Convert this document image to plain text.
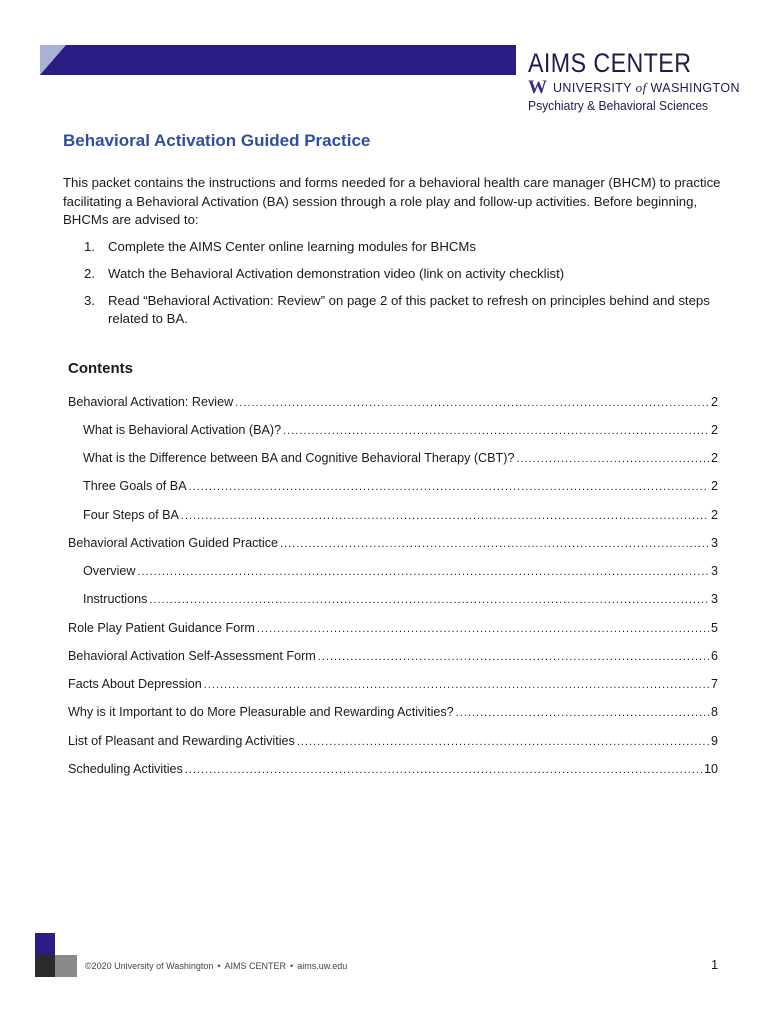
AIMS CENTER
W UNIVERSITY of WASHINGTON
Psychiatry & Behavioral Sciences
Behavioral Activation Guided Practice

This packet contains the instructions and forms needed for a behavioral health care manager (BHCM) to practice facilitating a Behavioral Activation (BA) session through a role play and follow-up activities. Before beginning, BHCMs are advised to:

1. Complete the AIMS Center online learning modules for BHCMs
2. Watch the Behavioral Activation demonstration video (link on activity checklist)
3. Read “Behavioral Activation: Review” on page 2 of this packet to refresh on principles behind and steps related to BA.
Contents
Behavioral Activation: Review .....	2
What is Behavioral Activation (BA)? .....	2
What is the Difference between BA and Cognitive Behavioral Therapy (CBT)? .....	2
Three Goals of BA .....	2
Four Steps of BA .....	2
Behavioral Activation Guided Practice .....	3
Overview .....	3
Instructions .....	3
Role Play Patient Guidance Form .....	5
Behavioral Activation Self-Assessment Form .....	6
Facts About Depression .....	7
Why is it Important to do More Pleasurable and Rewarding Activities? .....	8
List of Pleasant and Rewarding Activities .....	9
Scheduling Activities .....	10
©2020 University of Washington • AIMS CENTER • aims.uw.edu	1
